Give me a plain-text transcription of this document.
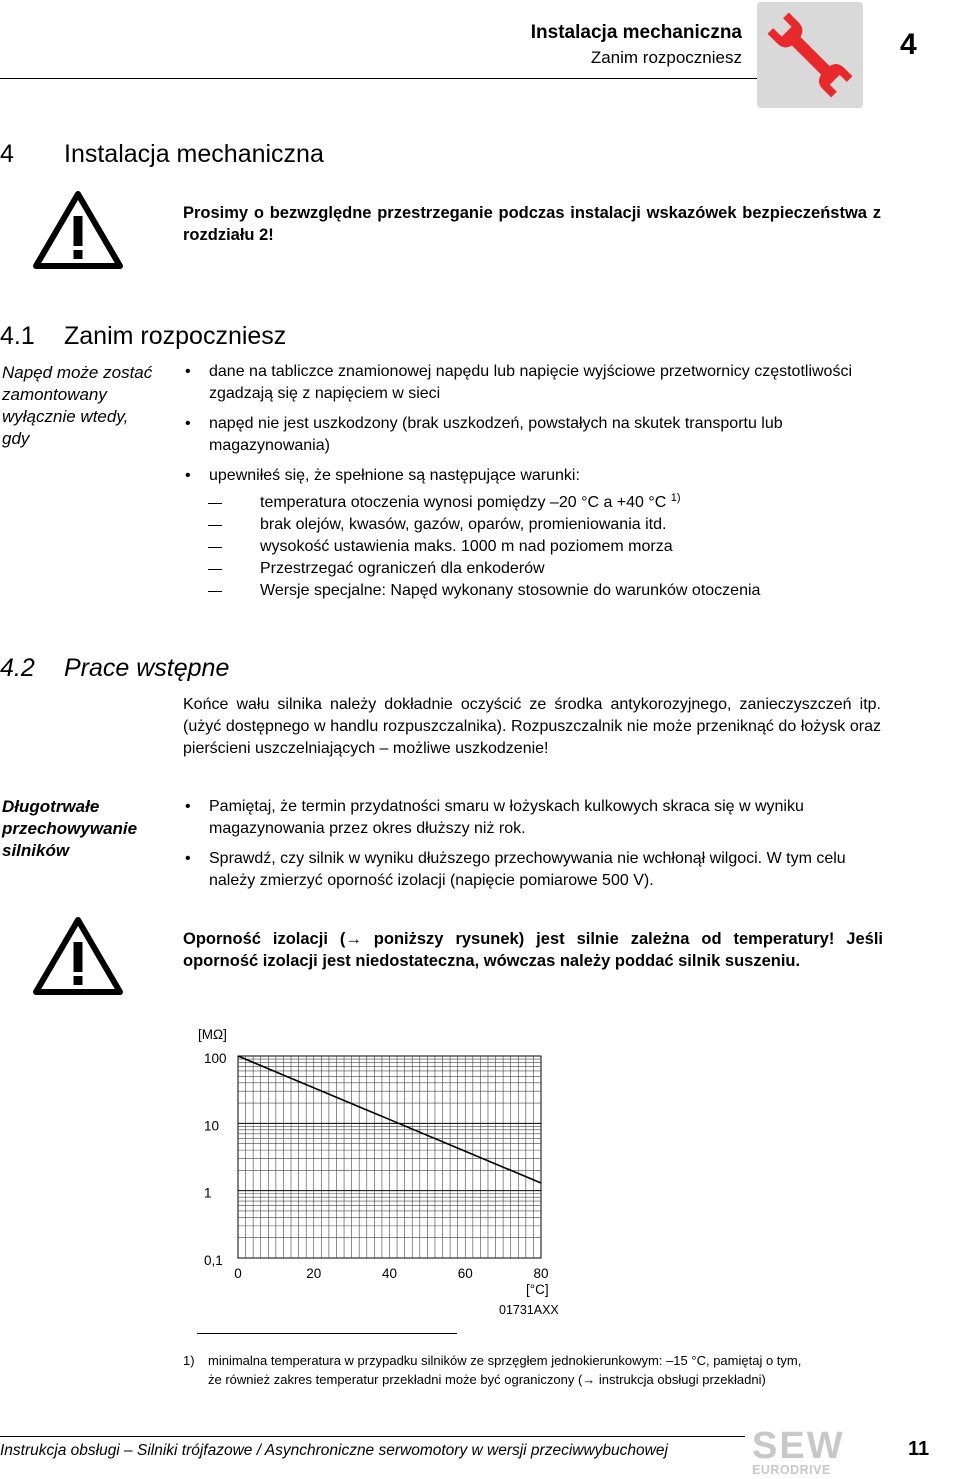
Instalacja mechaniczna
Zanim rozpoczniesz	4
4 Instalacja mechaniczna
Prosimy o bezwzględne przestrzeganie podczas instalacji wskazówek bezpieczeństwa z rozdziału 2!
4.1 Zanim rozpoczniesz
Napęd może zostać zamontowany wyłącznie wtedy, gdy
• dane na tabliczce znamionowej napędu lub napięcie wyjściowe przetwornicy częstotliwości zgadzają się z napięciem w sieci
• napęd nie jest uszkodzony (brak uszkodzeń, powstałych na skutek transportu lub magazynowania)
• upewniłeś się, że spełnione są następujące warunki:
temperatura otoczenia wynosi pomiędzy –20 °C a +40 °C $^{1)}$
brak olejów, kwasów, gazów, oparów, promieniowania itd.
wysokość ustawienia maks. 1000 m nad poziomem morza
Przestrzegać ograniczeń dla enkoderów
Wersje specjalne: Napęd wykonany stosownie do warunków otoczenia
4.2 Prace wstępne
Końce wału silnika należy dokładnie oczyścić ze środka antykorozyjnego, zanieczyszczeń itp. (użyć dostępnego w handlu rozpuszczalnika). Rozpuszczalnik nie może przeniknąć do łożysk oraz pierścieni uszczelniających – możliwe uszkodzenie!
Długotrwałe przechowywanie silników
• Pamiętaj, że termin przydatności smaru w łożyskach kulkowych skraca się w wyniku magazynowania przez okres dłuższy niż rok.
• Sprawdź, czy silnik w wyniku dłuższego przechowywania nie wchłonął wilgoci. W tym celu należy zmierzyć oporność izolacji (napięcie pomiarowe 500 V).
Oporność izolacji (→ poniższy rysunek) jest silnie zależna od temperatury! Jeśli oporność izolacji jest niedostateczna, wówczas należy poddać silnik suszeniu.
[MΩ]
100
10
1
0,1
0	20	40	60	80
[°C]
01731AXX
1) minimalna temperatura w przypadku silników ze sprzęgłem jednokierunkowym: –15 °C, pamiętaj o tym,
że również zakres temperatur przekładni może być ograniczony (→ instrukcja obsługi przekładni)
Instrukcja obsługi – Silniki trójfazowe / Asynchroniczne serwomotory w wersji przeciwwybuchowej SEW
EURODRIVE
11
